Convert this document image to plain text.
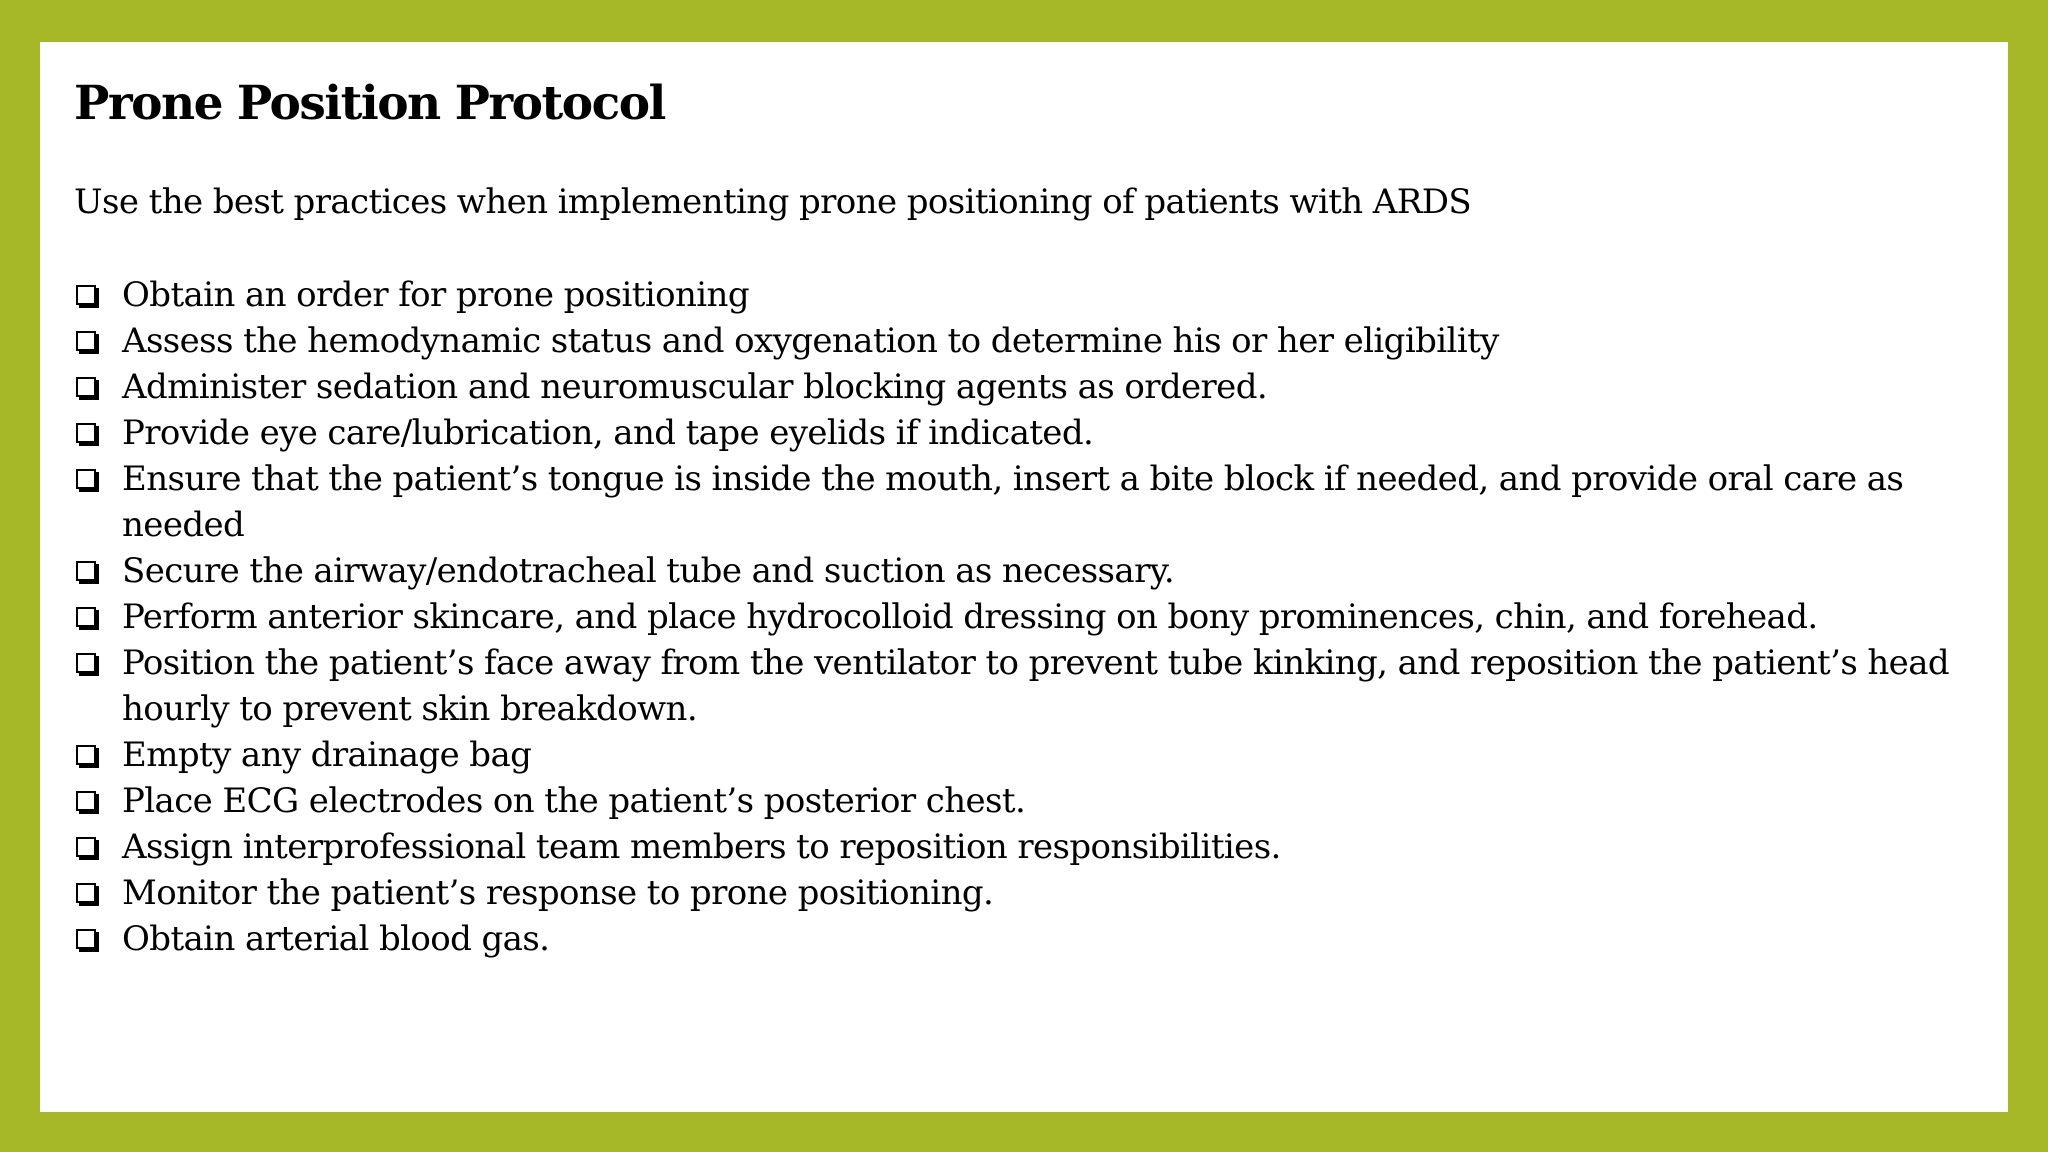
Prone Position Protocol

Use the best practices when implementing prone positioning of patients with ARDS

Obtain an order for prone positioning
Assess the hemodynamic status and oxygenation to determine his or her eligibility
Administer sedation and neuromuscular blocking agents as ordered.
Provide eye care/lubrication, and tape eyelids if indicated.
Ensure that the patient’s tongue is inside the mouth, insert a bite block if needed, and provide oral care as needed
Secure the airway/endotracheal tube and suction as necessary.
Perform anterior skincare, and place hydrocolloid dressing on bony prominences, chin, and forehead.
Position the patient’s face away from the ventilator to prevent tube kinking, and reposition the patient’s head hourly to prevent skin breakdown.
Empty any drainage bag
Place ECG electrodes on the patient’s posterior chest.
Assign interprofessional team members to reposition responsibilities.
Monitor the patient’s response to prone positioning.
Obtain arterial blood gas.
